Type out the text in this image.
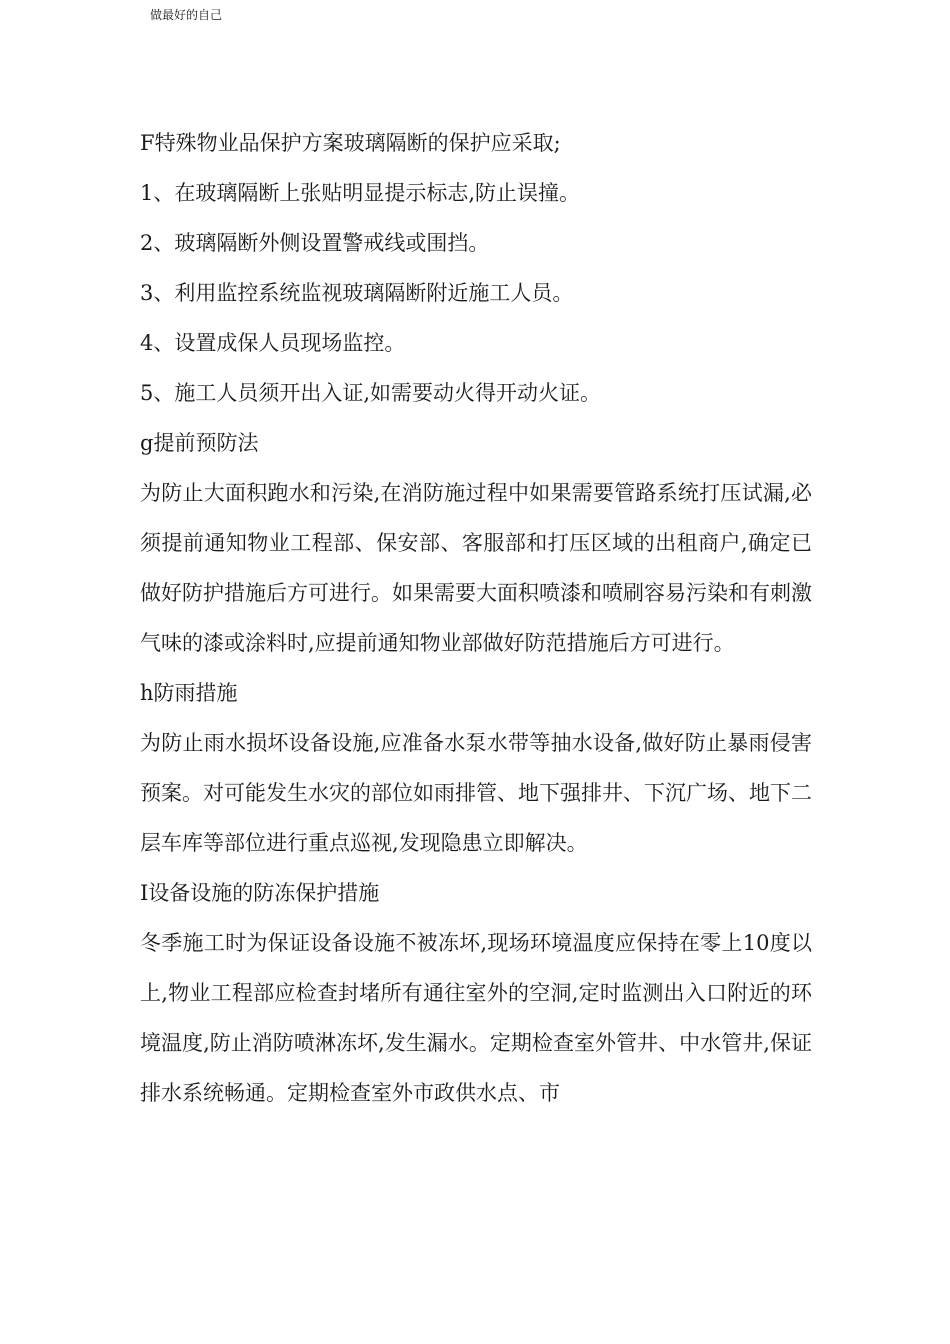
做最好的自己

F特殊物业品保护方案玻璃隔断的保护应采取;

1、在玻璃隔断上张贴明显提示标志,防止误撞。

2、玻璃隔断外侧设置警戒线或围挡。

3、利用监控系统监视玻璃隔断附近施工人员。

4、设置成保人员现场监控。

5、施工人员须开出入证,如需要动火得开动火证。

g提前预防法

为防止大面积跑水和污染,在消防施过程中如果需要管路系统打压试漏,必须提前通知物业工程部、保安部、客服部和打压区域的出租商户,确定已做好防护措施后方可进行。如果需要大面积喷漆和喷刷容易污染和有刺激气味的漆或涂料时,应提前通知物业部做好防范措施后方可进行。

h防雨措施

为防止雨水损坏设备设施,应准备水泵水带等抽水设备,做好防止暴雨侵害预案。对可能发生水灾的部位如雨排管、地下强排井、下沉广场、地下二层车库等部位进行重点巡视,发现隐患立即解决。

I设备设施的防冻保护措施

冬季施工时为保证设备设施不被冻坏,现场环境温度应保持在零上10度以上,物业工程部应检查封堵所有通往室外的空洞,定时监测出入口附近的环境温度,防止消防喷淋冻坏,发生漏水。定期检查室外管井、中水管井,保证排水系统畅通。定期检查室外市政供水点、市
